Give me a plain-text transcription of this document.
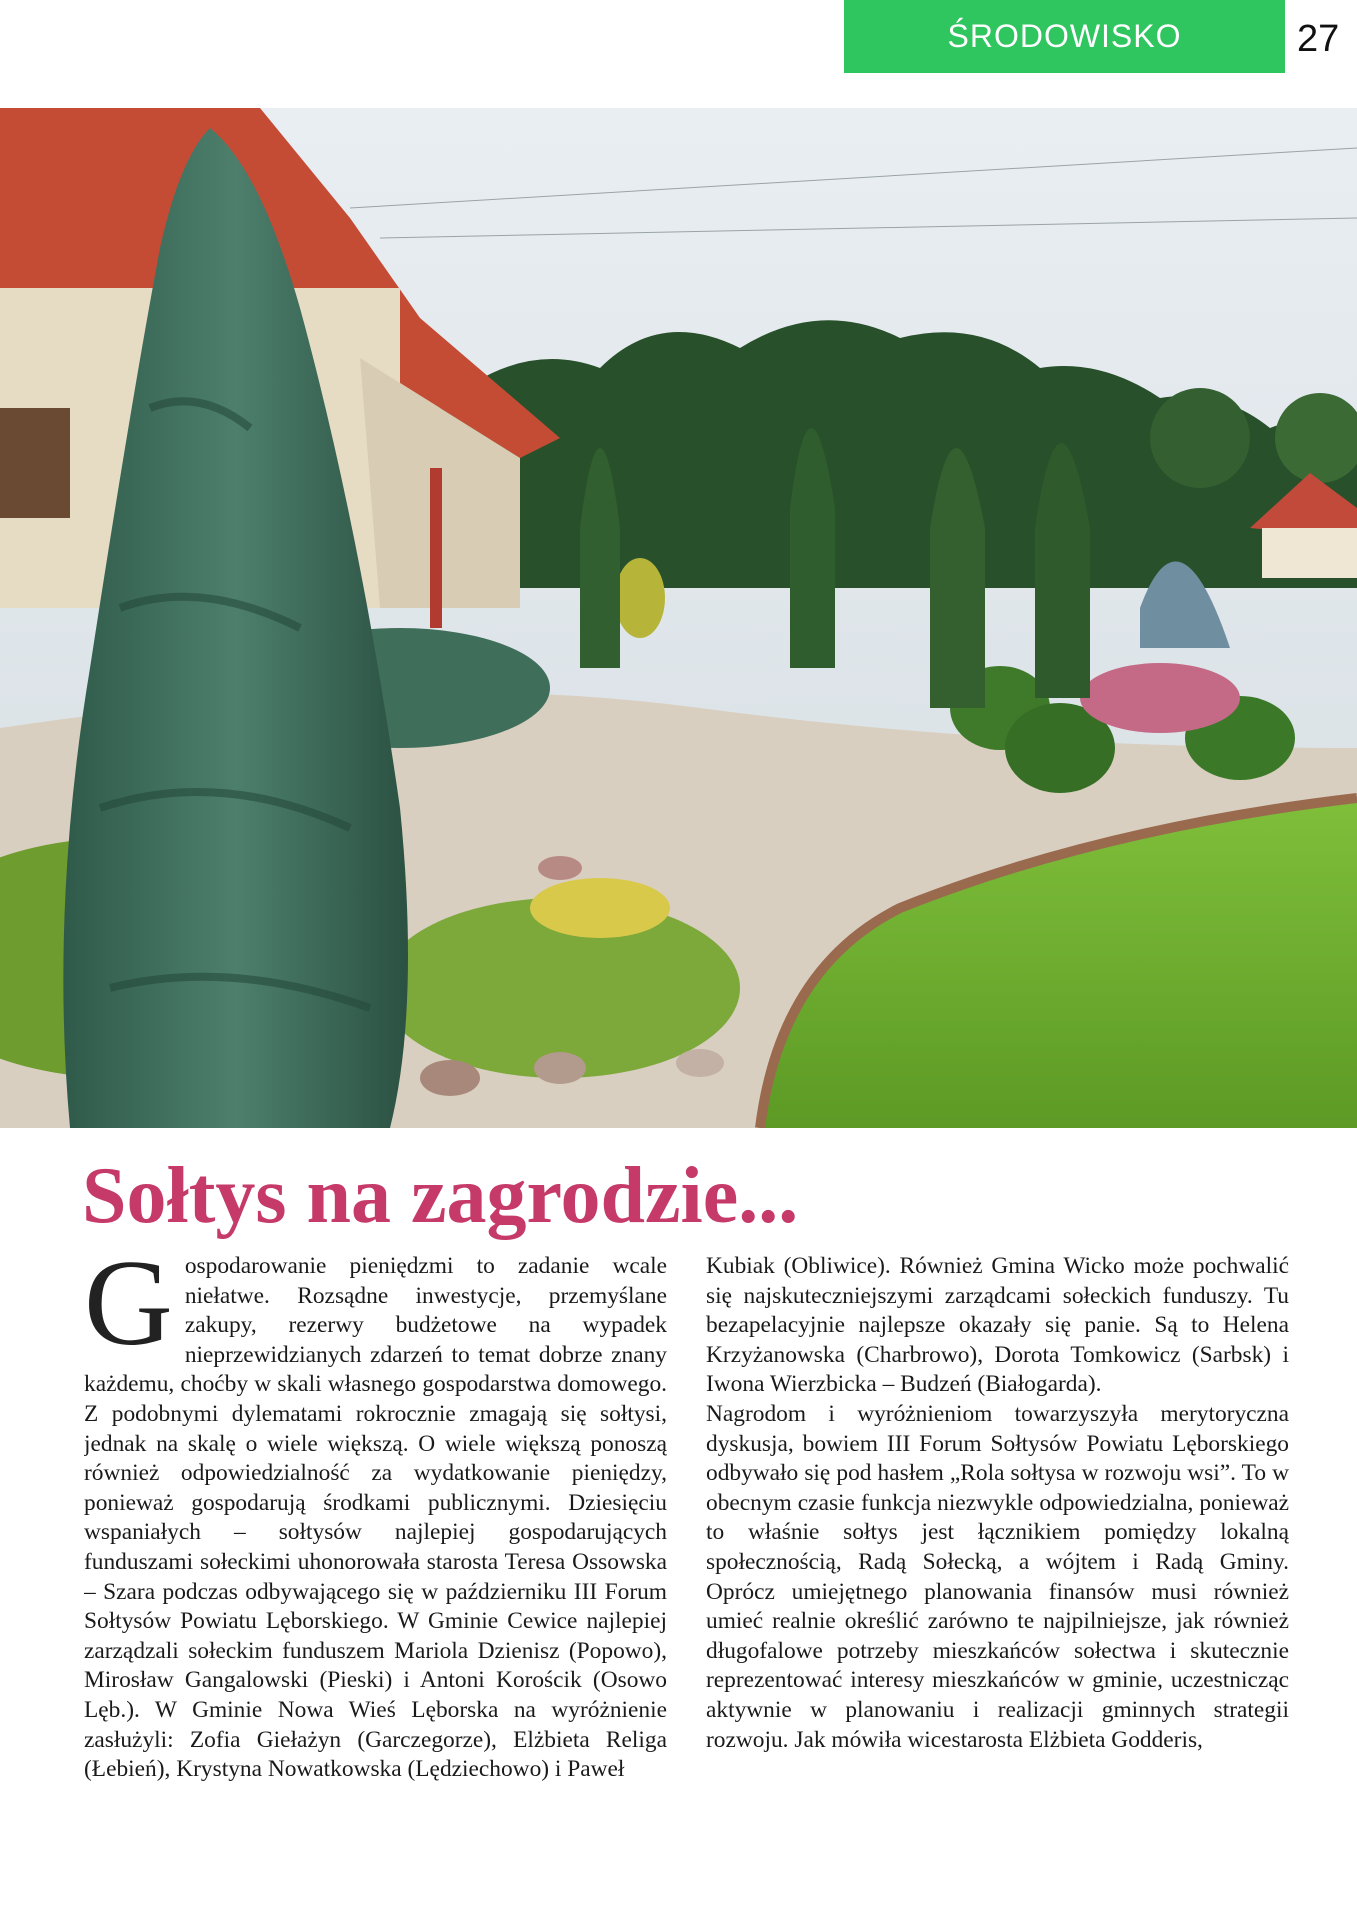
ŚRODOWISKO	27
Sołtys na zagrodzie...

Gospodarowanie pieniędzmi to zadanie wcale niełatwe. Rozsądne inwestycje, przemyślane zakupy, rezerwy budżetowe na wypadek nieprzewidzianych zdarzeń to temat dobrze znany każdemu, choćby w skali własnego gospodarstwa domowego. Z podobnymi dylematami rokrocznie zmagają się sołtysi, jednak na skalę o wiele większą. O wiele większą ponoszą również odpowiedzialność za wydatkowanie pieniędzy, ponieważ gospodarują środkami publicznymi. Dziesięciu wspaniałych – sołtysów najlepiej gospodarujących funduszami sołeckimi uhonorowała starosta Teresa Ossowska – Szara podczas odbywającego się w październiku III Forum Sołtysów Powiatu Lęborskiego. W Gminie Cewice najlepiej zarządzali sołeckim funduszem Mariola Dzienisz (Popowo), Mirosław Gangalowski (Pieski) i Antoni Korościk (Osowo Lęb.). W Gminie Nowa Wieś Lęborska na wyróżnienie zasłużyli: Zofia Giełażyn (Garczegorze), Elżbieta Religa (Łebień), Krystyna Nowatkowska (Lędziechowo) i Paweł

Kubiak (Obliwice). Również Gmina Wicko może pochwalić się najskuteczniejszymi zarządcami sołeckich funduszy. Tu bezapelacyjnie najlepsze okazały się panie. Są to Helena Krzyżanowska (Charbrowo), Dorota Tomkowicz (Sarbsk) i Iwona Wierzbicka – Budzeń (Białogarda).

Nagrodom i wyróżnieniom towarzyszyła merytoryczna dyskusja, bowiem III Forum Sołtysów Powiatu Lęborskiego odbywało się pod hasłem „Rola sołtysa w rozwoju wsi”. To w obecnym czasie funkcja niezwykle odpowiedzialna, ponieważ to właśnie sołtys jest łącznikiem pomiędzy lokalną społecznością, Radą Sołecką, a wójtem i Radą Gminy. Oprócz umiejętnego planowania finansów musi również umieć realnie określić zarówno te najpilniejsze, jak również długofalowe potrzeby mieszkańców sołectwa i skutecznie reprezentować interesy mieszkańców w gminie, uczestnicząc aktywnie w planowaniu i realizacji gminnych strategii rozwoju. Jak mówiła wicestarosta Elżbieta Godderis,
